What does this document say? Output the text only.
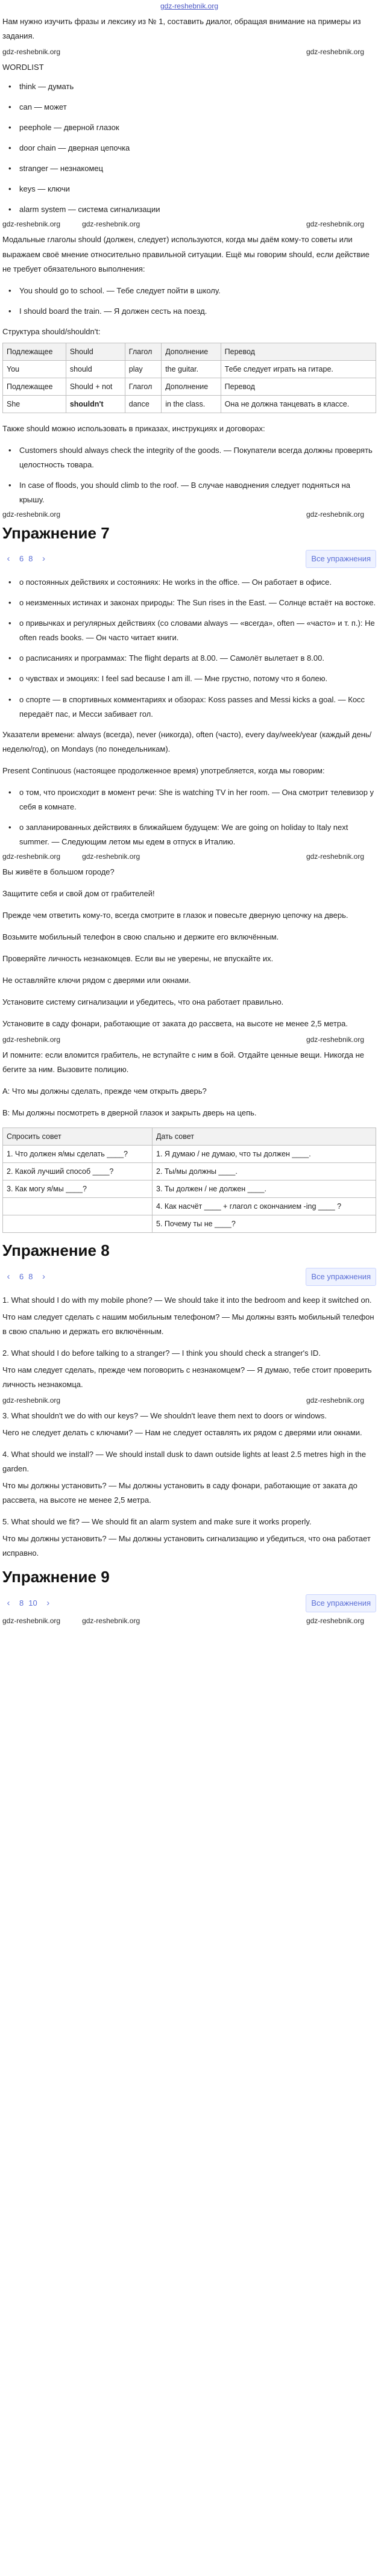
gdz-reshebnik.org

Нам нужно изучить фразы и лексику из № 1, составить диалог, обращая внимание на примеры из задания.

gdz-reshebnik.org	gdz-reshebnik.org

WORDLIST

• think — думать
• can — может
• peephole — дверной глазок
• door chain — дверная цепочка
• stranger — незнакомец
• keys — ключи
• alarm system — система сигнализации
gdz-reshebnik.org	gdz-reshebnik.org	gdz-reshebnik.org

Модальные глаголы should (должен, следует) используются, когда мы даём кому-то советы или выражаем своё мнение относительно правильной ситуации. Ещё мы говорим should, если действие не требует обязательного выполнения:

• You should go to school. — Тебе следует пойти в школу.
• I should board the train. — Я должен сесть на поезд.

Структура should/shouldn't:

Подлежащее	Should	Глагол	Дополнение	Перевод
You	should	play	the guitar.	Тебе следует играть на гитаре.
Подлежащее	Should + not	Глагол	Дополнение	Перевод
She	shouldn't	dance	in the class.	Она не должна танцевать в классе.

Также should можно использовать в приказах, инструкциях и договорах:

• Customers should always check the integrity of the goods. — Покупатели всегда должны проверять целостность товара.
• In case of floods, you should climb to the roof. — В случае наводнения следует подняться на крышу.
gdz-reshebnik.org	gdz-reshebnik.org
Упражнение 7
‹	6 8	›	Все упражнения
• о постоянных действиях и состояниях: He works in the office. — Он работает в офисе.
• о неизменных истинах и законах природы: The Sun rises in the East. — Солнце встаёт на востоке.
• о привычках и регулярных действиях (со словами always — «всегда», often — «часто» и т. п.): He often reads books. — Он часто читает книги.
• о расписаниях и программах: The flight departs at 8.00. — Самолёт вылетает в 8.00.
• о чувствах и эмоциях: I feel sad because I am ill. — Мне грустно, потому что я болею.
• о спорте — в спортивных комментариях и обзорах: Koss passes and Messi kicks a goal. — Косс передаёт пас, и Месси забивает гол.

Указатели времени: always (всегда), never (никогда), often (часто), every day/week/year (каждый день/неделю/год), on Mondays (по понедельникам).

Present Continuous (настоящее продолженное время) употребляется, когда мы говорим:

• о том, что происходит в момент речи: She is watching TV in her room. — Она смотрит телевизор у себя в комнате.
• о запланированных действиях в ближайшем будущем: We are going on holiday to Italy next summer. — Следующим летом мы едем в отпуск в Италию.
gdz-reshebnik.org	gdz-reshebnik.org	gdz-reshebnik.org

Вы живёте в большом городе?

Защитите себя и свой дом от грабителей!

Прежде чем ответить кому-то, всегда смотрите в глазок и повесьте дверную цепочку на дверь.

Возьмите мобильный телефон в свою спальню и держите его включённым.

Проверяйте личность незнакомцев. Если вы не уверены, не впускайте их.

Не оставляйте ключи рядом с дверями или окнами.

Установите систему сигнализации и убедитесь, что она работает правильно.

Установите в саду фонари, работающие от заката до рассвета, на высоте не менее 2,5 метра.

gdz-reshebnik.org	gdz-reshebnik.org

И помните: если вломится грабитель, не вступайте с ним в бой. Отдайте ценные вещи. Никогда не бегите за ним. Вызовите полицию.

А: Что мы должны сделать, прежде чем открыть дверь?

B: Мы должны посмотреть в дверной глазок и закрыть дверь на цепь.

Спросить совет	Дать совет
1. Что должен я/мы сделать ____?	1. Я думаю / не думаю, что ты должен ____.
2. Какой лучший способ ____?	2. Ты/мы должны ____.
3. Как могу я/мы ____?	3. Ты должен / не должен ____.
	4. Как насчёт ____ + глагол с окончанием -ing ____ ?
	5. Почему ты не ____?
Упражнение 8
‹	6 8	›	Все упражнения

1. What should I do with my mobile phone? — We should take it into the bedroom and keep it switched on.

Что нам следует сделать с нашим мобильным телефоном? — Мы должны взять мобильный телефон в свою спальню и держать его включённым.

2. What should I do before talking to a stranger? — I think you should check a stranger's ID.

Что нам следует сделать, прежде чем поговорить с незнакомцем? — Я думаю, тебе стоит проверить личность незнакомца.

gdz-reshebnik.org	gdz-reshebnik.org

3. What shouldn't we do with our keys? — We shouldn't leave them next to doors or windows.

Чего не следует делать с ключами? — Нам не следует оставлять их рядом с дверями или окнами.

4. What should we install? — We should install dusk to dawn outside lights at least 2.5 metres high in the garden.

Что мы должны установить? — Мы должны установить в саду фонари, работающие от заката до рассвета, на высоте не менее 2,5 метра.

5. What should we fit? — We should fit an alarm system and make sure it works properly.

Что мы должны установить? — Мы должны установить сигнализацию и убедиться, что она работает исправно.

Упражнение 9
‹	8 10	›	Все упражнения
gdz-reshebnik.org	gdz-reshebnik.org	gdz-reshebnik.org
